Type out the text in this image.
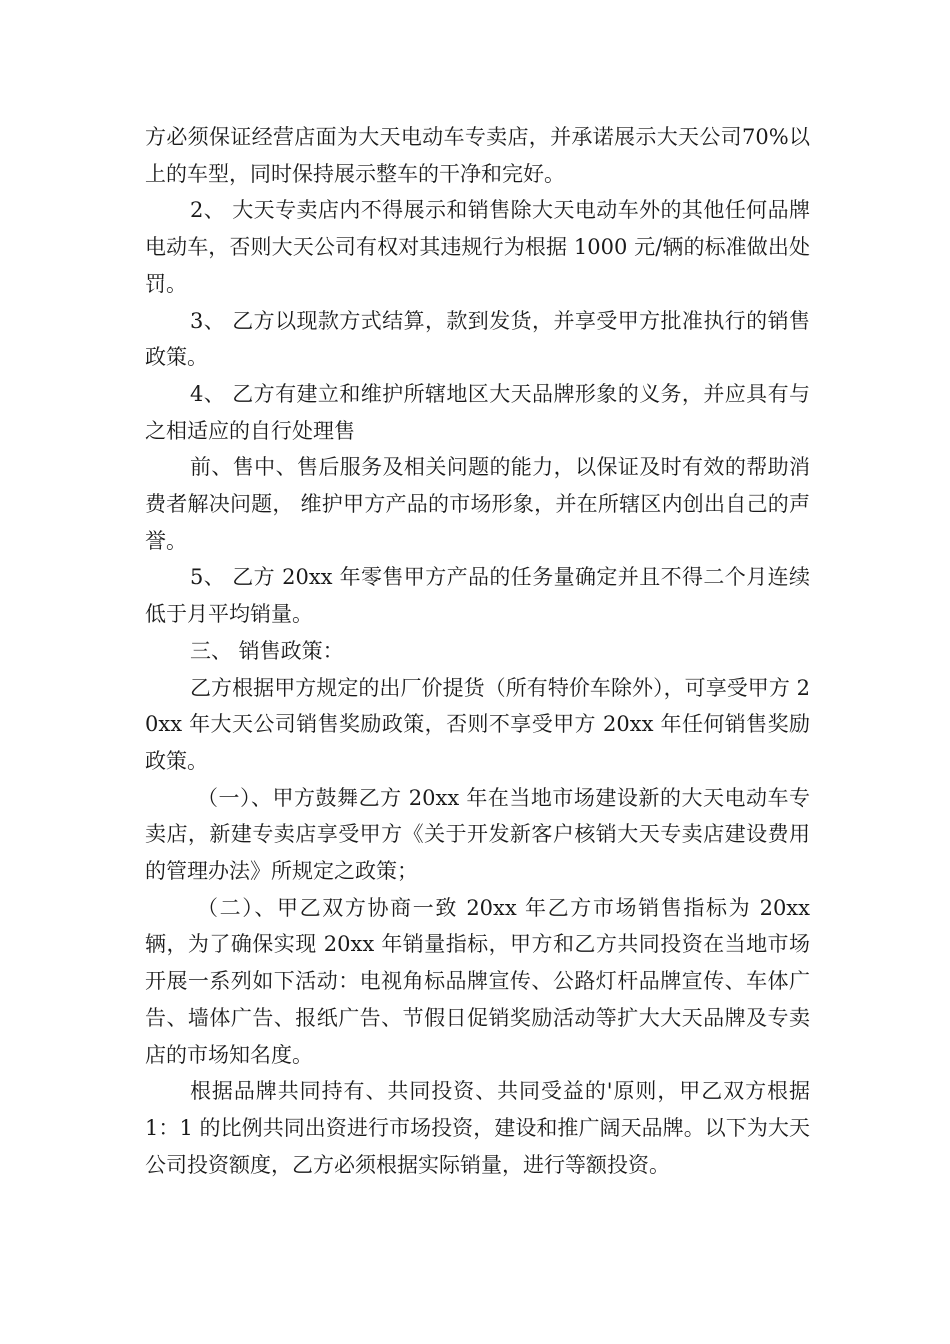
方必须保证经营店面为大天电动车专卖店，并承诺展示大天公司70%以上的车型，同时保持展示整车的干净和完好。

2、 大天专卖店内不得展示和销售除大天电动车外的其他任何品牌电动车，否则大天公司有权对其违规行为根据 1000 元/辆的标准做出处罚。

3、 乙方以现款方式结算，款到发货，并享受甲方批准执行的销售政策。

4、 乙方有建立和维护所辖地区大天品牌形象的义务，并应具有与之相适应的自行处理售

前、售中、售后服务及相关问题的能力，以保证及时有效的帮助消费者解决问题， 维护甲方产品的市场形象，并在所辖区内创出自己的声誉。

5、 乙方 20xx 年零售甲方产品的任务量确定并且不得二个月连续低于月平均销量。

三、 销售政策：

乙方根据甲方规定的出厂价提货（所有特价车除外），可享受甲方 20xx 年大天公司销售奖励政策，否则不享受甲方 20xx 年任何销售奖励政策。

（一）、甲方鼓舞乙方 20xx 年在当地市场建设新的大天电动车专卖店，新建专卖店享受甲方《关于开发新客户核销大天专卖店建设费用的管理办法》所规定之政策；

（二）、甲乙双方协商一致 20xx 年乙方市场销售指标为 20xx 辆，为了确保实现 20xx 年销量指标，甲方和乙方共同投资在当地市场开展一系列如下活动：电视角标品牌宣传、公路灯杆品牌宣传、车体广告、墙体广告、报纸广告、节假日促销奖励活动等扩大大天品牌及专卖店的市场知名度。

根据品牌共同持有、共同投资、共同受益的'原则，甲乙双方根据 1：1 的比例共同出资进行市场投资，建设和推广阔天品牌。以下为大天公司投资额度，乙方必须根据实际销量，进行等额投资。
